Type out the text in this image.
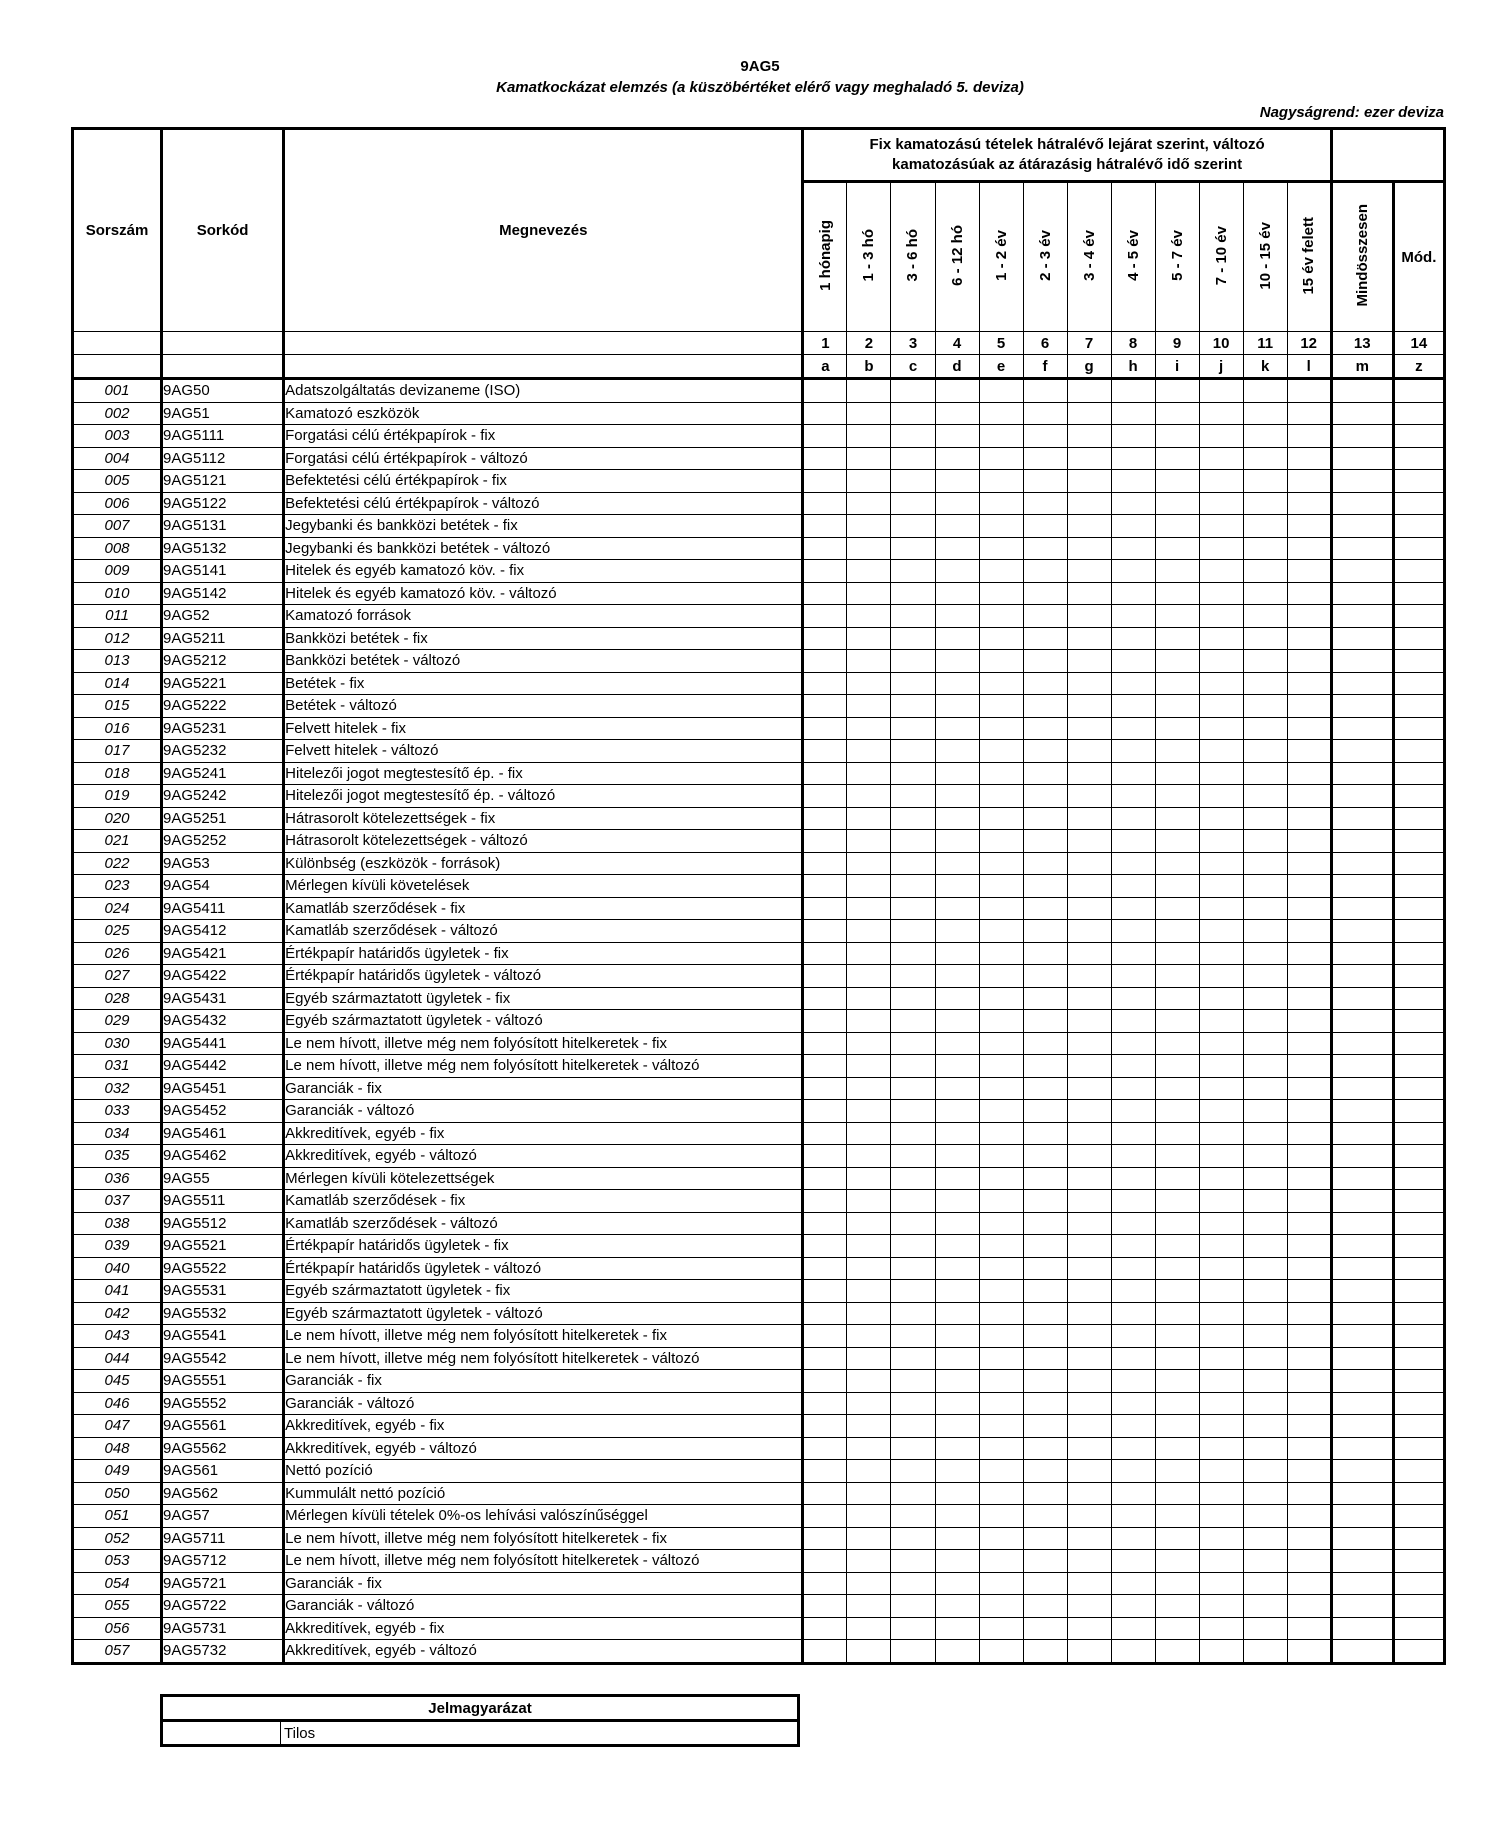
9AG5
Kamatkockázat elemzés (a küszöbértéket elérő vagy meghaladó 5. deviza)
Nagyságrend: ezer deviza
Sorszám	Sorkód	Megnevezés	Fix kamatozású tételek hátralévő lejárat szerint, változó
kamatozásúak az átárazásig hátralévő idő szerint													

			1 hónapig	1 - 3 hó	3 - 6 hó	6 - 12 hó	1 - 2 év	2 - 3 év	3 - 4 év	4 - 5 év	5 - 7 év	7 - 10 év	10 - 15 év	15 év felett	Mindösszesen	Mód.
			1	2	3	4	5	6	7	8	9	10	11	12	13	14
			a	b	c	d	e	f	g	h	i	j	k	l	m	z
001	9AG50	Adatszolgáltatás devizaneme (ISO)														
002	9AG51	Kamatozó eszközök														
003	9AG5111	Forgatási célú értékpapírok - fix														
004	9AG5112	Forgatási célú értékpapírok - változó														
005	9AG5121	Befektetési célú értékpapírok - fix														
006	9AG5122	Befektetési célú értékpapírok - változó														
007	9AG5131	Jegybanki és bankközi betétek - fix														
008	9AG5132	Jegybanki és bankközi betétek - változó														
009	9AG5141	Hitelek és egyéb kamatozó köv. - fix														
010	9AG5142	Hitelek és egyéb kamatozó köv. - változó														
011	9AG52	Kamatozó források														
012	9AG5211	Bankközi betétek - fix														
013	9AG5212	Bankközi betétek - változó														
014	9AG5221	Betétek - fix														
015	9AG5222	Betétek - változó														
016	9AG5231	Felvett hitelek - fix														
017	9AG5232	Felvett hitelek - változó														
018	9AG5241	Hitelezői jogot megtestesítő ép. - fix														
019	9AG5242	Hitelezői jogot megtestesítő ép. - változó														
020	9AG5251	Hátrasorolt kötelezettségek - fix														
021	9AG5252	Hátrasorolt kötelezettségek - változó														
022	9AG53	Különbség (eszközök - források)														
023	9AG54	Mérlegen kívüli követelések														
024	9AG5411	Kamatláb szerződések - fix														
025	9AG5412	Kamatláb szerződések - változó														
026	9AG5421	Értékpapír határidős ügyletek - fix														
027	9AG5422	Értékpapír határidős ügyletek - változó														
028	9AG5431	Egyéb származtatott ügyletek - fix														
029	9AG5432	Egyéb származtatott ügyletek - változó														
030	9AG5441	Le nem hívott, illetve még nem folyósított hitelkeretek - fix														
031	9AG5442	Le nem hívott, illetve még nem folyósított hitelkeretek - változó														
032	9AG5451	Garanciák - fix														
033	9AG5452	Garanciák - változó														
034	9AG5461	Akkreditívek, egyéb - fix														
035	9AG5462	Akkreditívek, egyéb - változó														
036	9AG55	Mérlegen kívüli kötelezettségek														
037	9AG5511	Kamatláb szerződések - fix														
038	9AG5512	Kamatláb szerződések - változó														
039	9AG5521	Értékpapír határidős ügyletek - fix														
040	9AG5522	Értékpapír határidős ügyletek - változó														
041	9AG5531	Egyéb származtatott ügyletek - fix														
042	9AG5532	Egyéb származtatott ügyletek - változó														
043	9AG5541	Le nem hívott, illetve még nem folyósított hitelkeretek - fix														
044	9AG5542	Le nem hívott, illetve még nem folyósított hitelkeretek - változó														
045	9AG5551	Garanciák - fix														
046	9AG5552	Garanciák - változó														
047	9AG5561	Akkreditívek, egyéb - fix														
048	9AG5562	Akkreditívek, egyéb - változó														
049	9AG561	Nettó pozíció														
050	9AG562	Kummulált nettó pozíció														
051	9AG57	Mérlegen kívüli tételek 0%-os lehívási valószínűséggel														
052	9AG5711	Le nem hívott, illetve még nem folyósított hitelkeretek - fix														
053	9AG5712	Le nem hívott, illetve még nem folyósított hitelkeretek - változó														
054	9AG5721	Garanciák - fix														
055	9AG5722	Garanciák - változó														
056	9AG5731	Akkreditívek, egyéb - fix														
057	9AG5732	Akkreditívek, egyéb - változó														
Jelmagyarázat
	Tilos
